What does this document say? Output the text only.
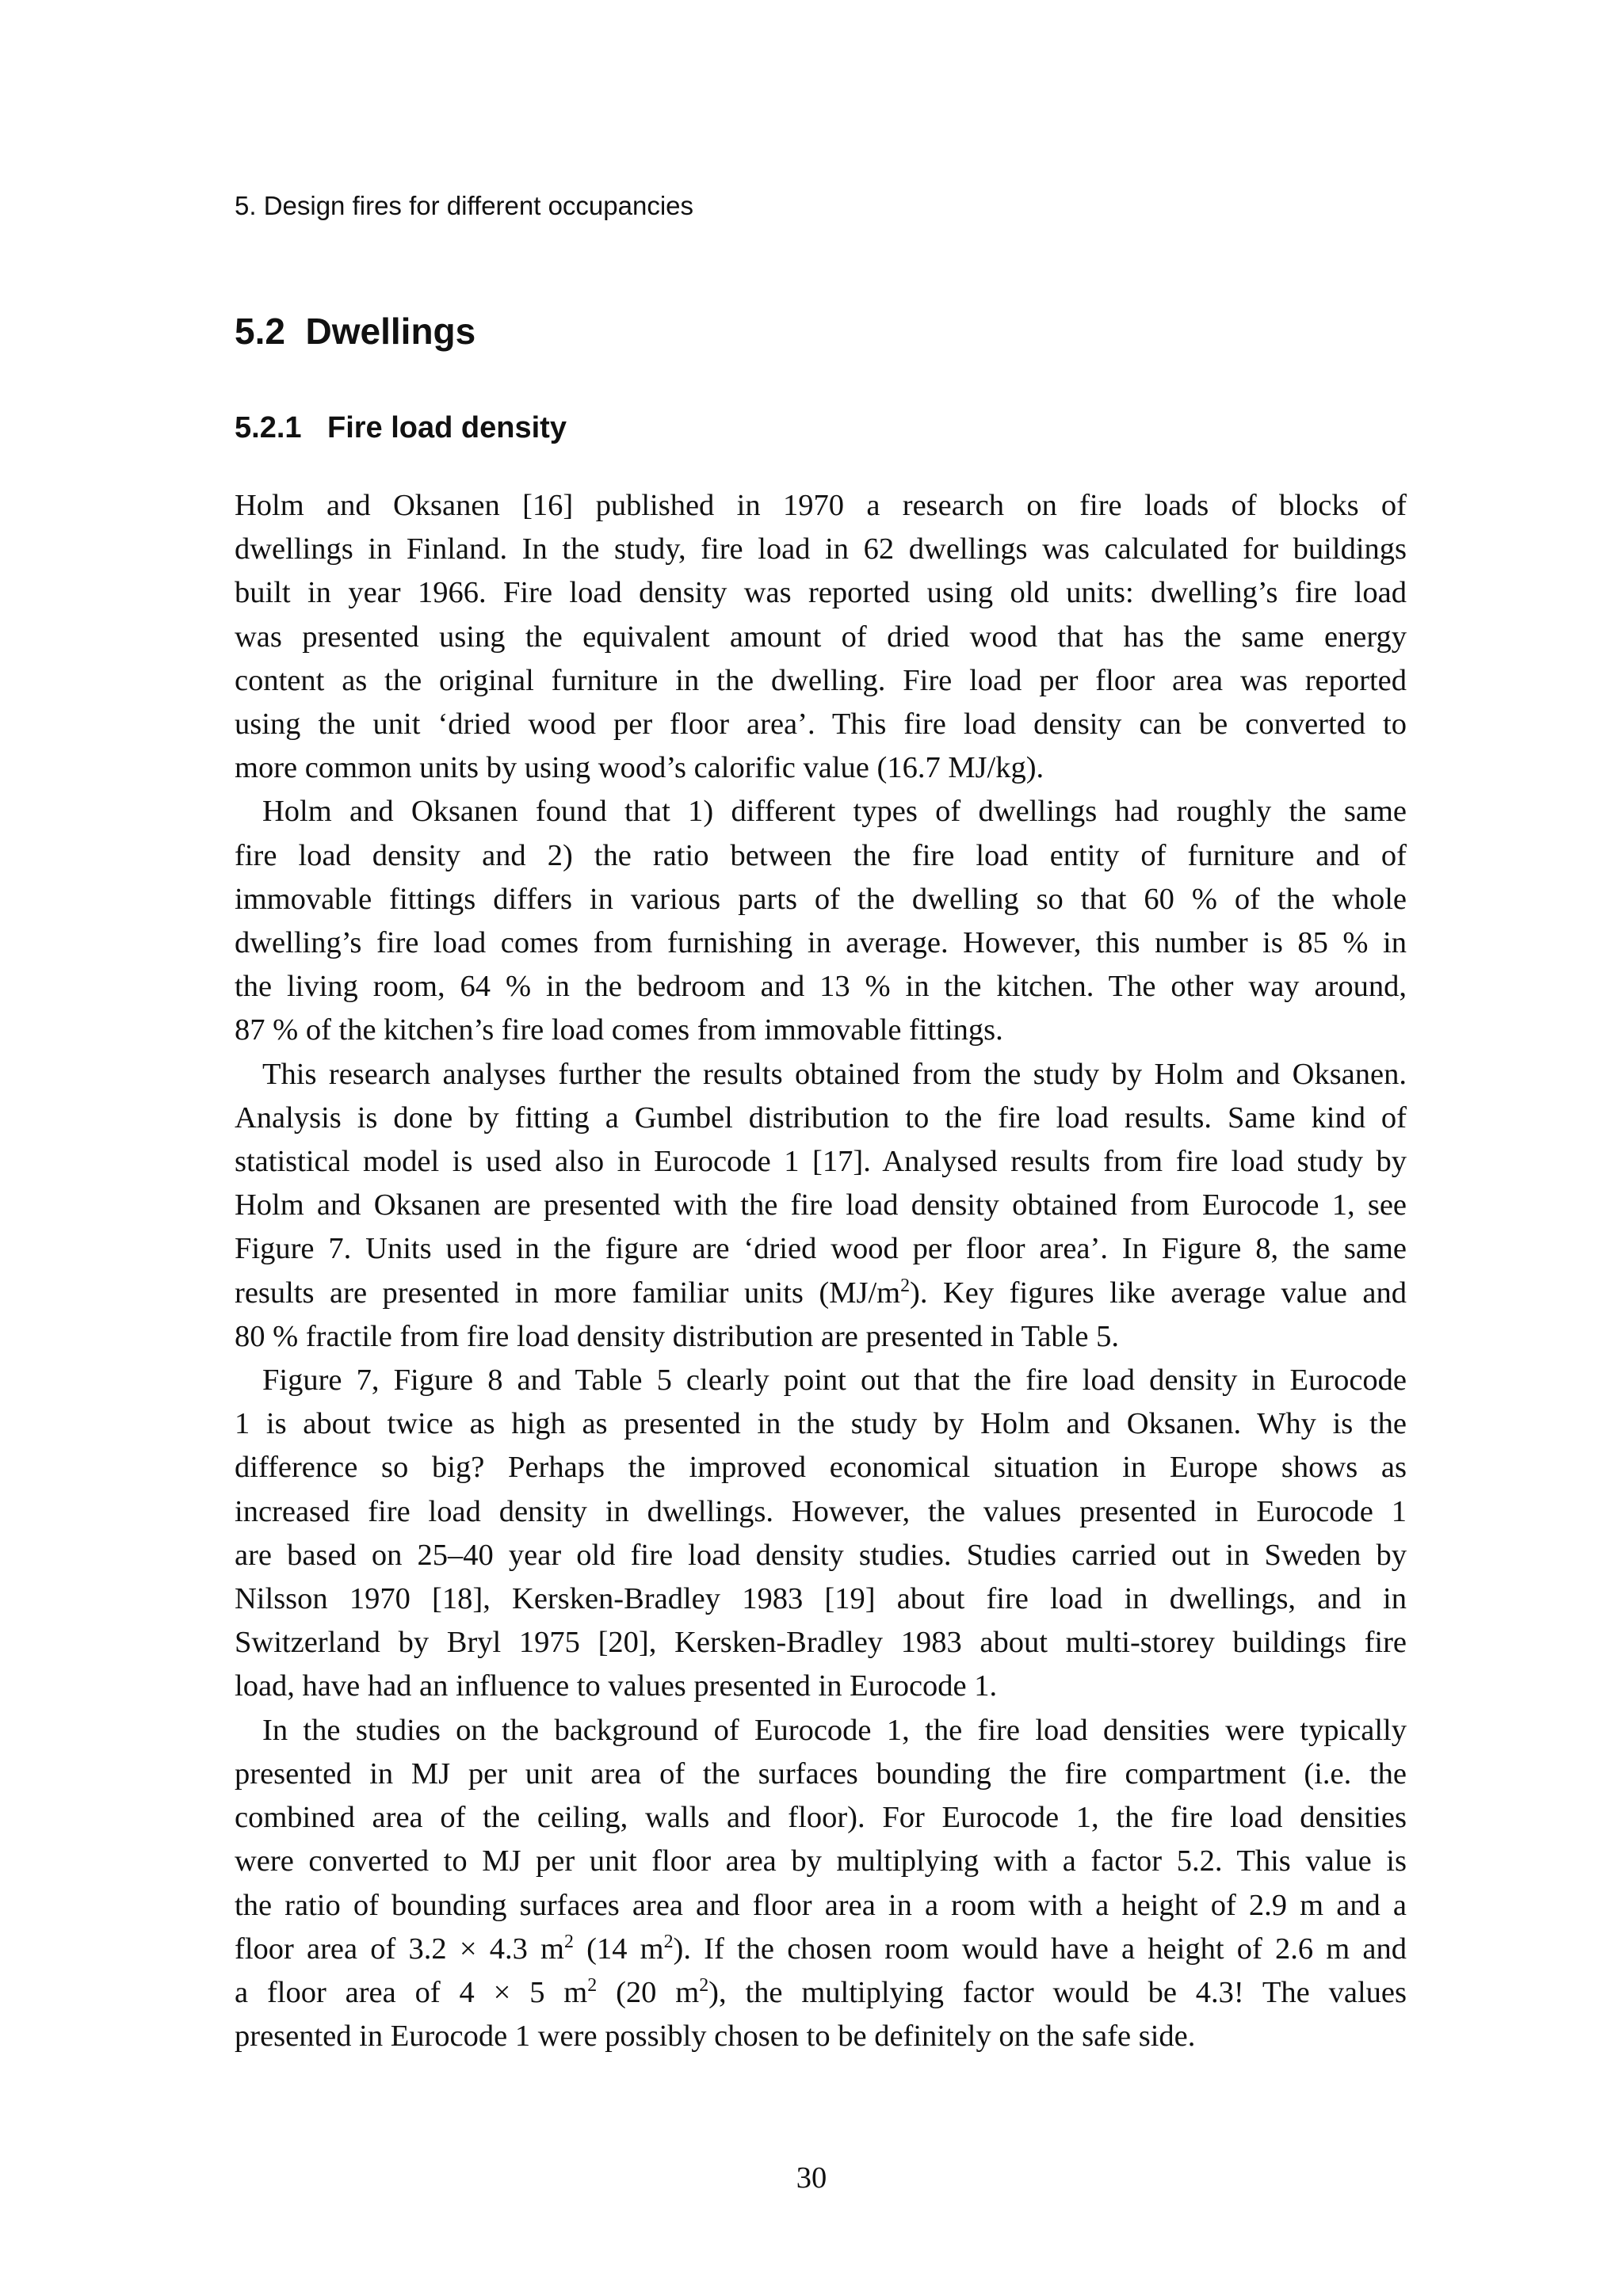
5. Design fires for different occupancies
5.2 Dwellings
5.2.1 Fire load density

Holm and Oksanen [16] published in 1970 a research on fire loads of blocks of
dwellings in Finland. In the study, fire load in 62 dwellings was calculated for buildings
built in year 1966. Fire load density was reported using old units: dwelling’s fire load
was presented using the equivalent amount of dried wood that has the same energy
content as the original furniture in the dwelling. Fire load per floor area was reported
using the unit ‘dried wood per floor area’. This fire load density can be converted to
more common units by using wood’s calorific value (16.7 MJ/kg).

Holm and Oksanen found that 1) different types of dwellings had roughly the same
fire load density and 2) the ratio between the fire load entity of furniture and of
immovable fittings differs in various parts of the dwelling so that 60 % of the whole
dwelling’s fire load comes from furnishing in average. However, this number is 85 % in
the living room, 64 % in the bedroom and 13 % in the kitchen. The other way around,
87 % of the kitchen’s fire load comes from immovable fittings.

This research analyses further the results obtained from the study by Holm and Oksanen.
Analysis is done by fitting a Gumbel distribution to the fire load results. Same kind of
statistical model is used also in Eurocode 1 [17]. Analysed results from fire load study by
Holm and Oksanen are presented with the fire load density obtained from Eurocode 1, see
Figure 7. Units used in the figure are ‘dried wood per floor area’. In Figure 8, the same
results are presented in more familiar units $(MJ/m^2)$. Key figures like average value and
80 % fractile from fire load density distribution are presented in Table 5.

Figure 7, Figure 8 and Table 5 clearly point out that the fire load density in Eurocode
1 is about twice as high as presented in the study by Holm and Oksanen. Why is the
difference so big? Perhaps the improved economical situation in Europe shows as
increased fire load density in dwellings. However, the values presented in Eurocode 1
are based on 25–40 year old fire load density studies. Studies carried out in Sweden by
Nilsson 1970 [18], Kersken-Bradley 1983 [19] about fire load in dwellings, and in
Switzerland by Bryl 1975 [20], Kersken-Bradley 1983 about multi-storey buildings fire
load, have had an influence to values presented in Eurocode 1.

In the studies on the background of Eurocode 1, the fire load densities were typically
presented in MJ per unit area of the surfaces bounding the fire compartment (i.e. the
combined area of the ceiling, walls and floor). For Eurocode 1, the fire load densities
were converted to MJ per unit floor area by multiplying with a factor 5.2. This value is
the ratio of bounding surfaces area and floor area in a room with a height of 2.9 m and a
floor area of 3.2 × 4.3 $m^2$ (14 $m^2$). If the chosen room would have a height of 2.6 m and
a floor area of 4 × 5 $m^2$ (20 $m^2$), the multiplying factor would be 4.3! The values
presented in Eurocode 1 were possibly chosen to be definitely on the safe side.

30
